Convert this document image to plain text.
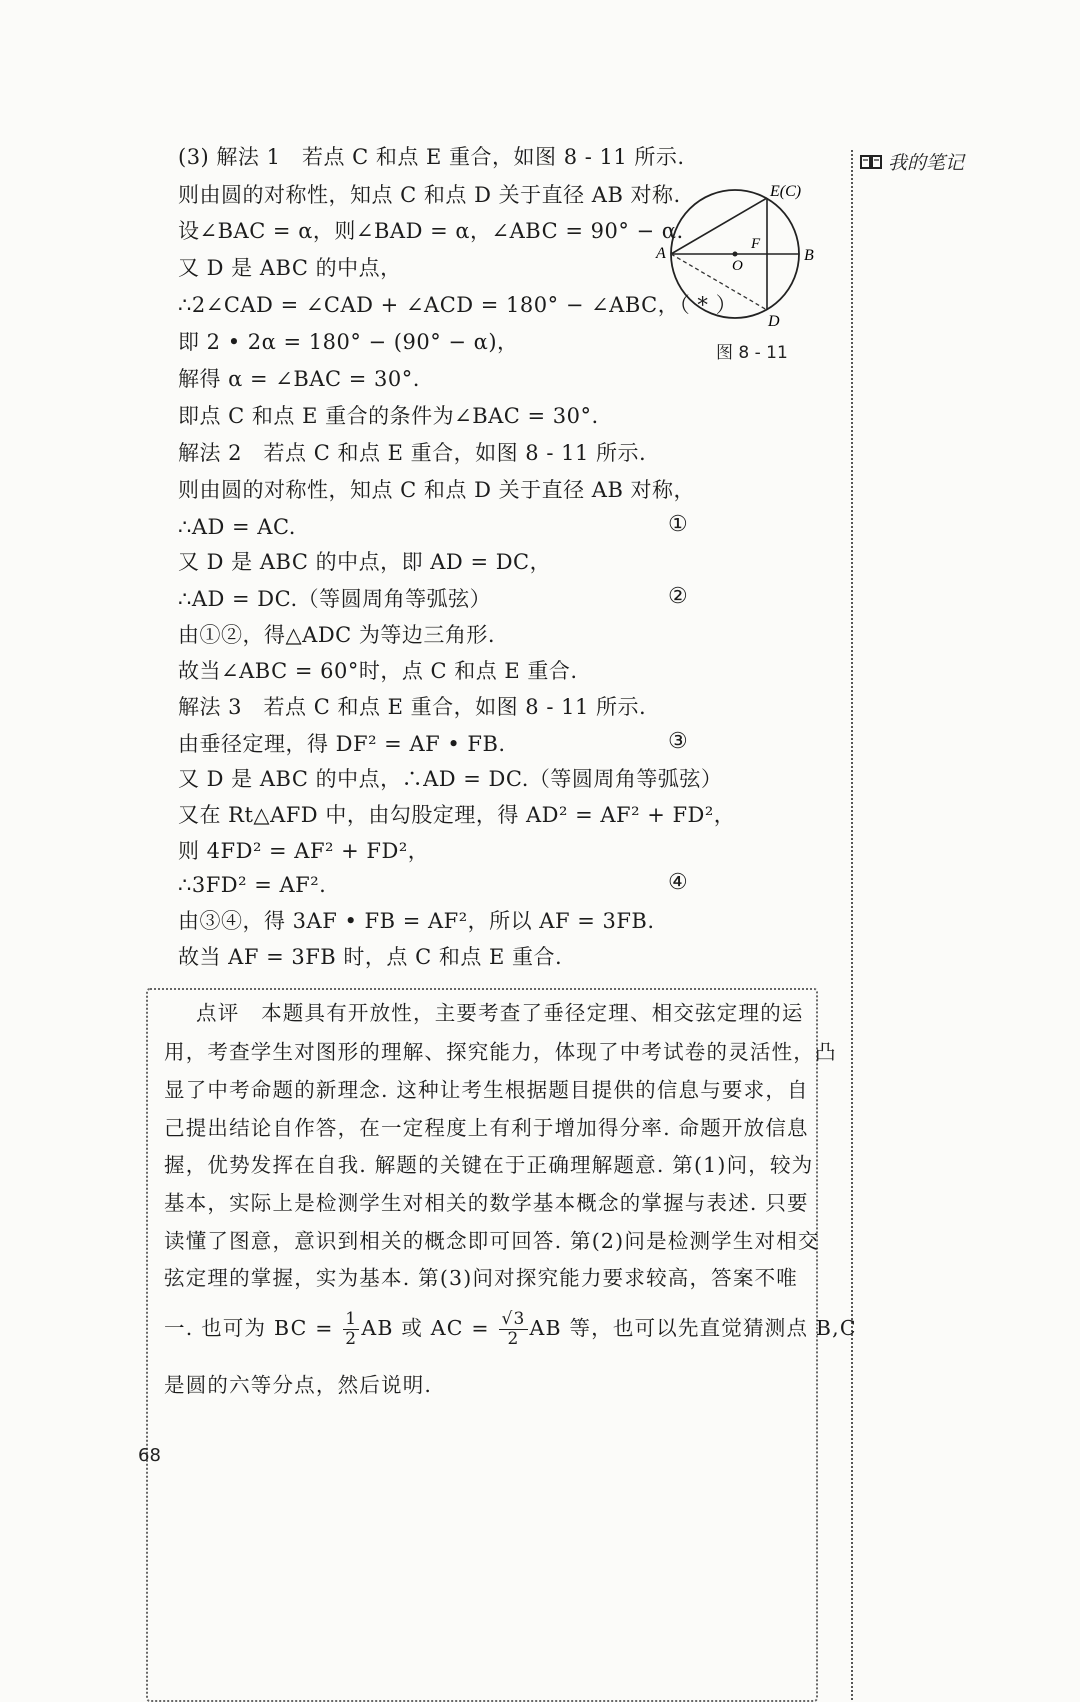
我的笔记
E(C)
A	B
O
F
D
图 8 - 11
(3) 解法 1　若点 C 和点 E 重合，如图 8 - 11 所示.
则由圆的对称性，知点 C 和点 D 关于直径 AB 对称.
设∠BAC = α，则∠BAD = α，∠ABC = 90° − α.
又 D 是 ABC 的中点，
∴2∠CAD = ∠CAD + ∠ACD = 180° − ∠ABC，（ * ）
即 2 • 2α = 180° − (90° − α)，
解得 α = ∠BAC = 30°.
即点 C 和点 E 重合的条件为∠BAC = 30°.
解法 2　若点 C 和点 E 重合，如图 8 - 11 所示.
则由圆的对称性，知点 C 和点 D 关于直径 AB 对称，
∴AD = AC.	①
又 D 是 ABC 的中点，即 AD = DC，
∴AD = DC.（等圆周角等弧弦）	②
由①②，得△ADC 为等边三角形.
故当∠ABC = 60°时，点 C 和点 E 重合.
解法 3　若点 C 和点 E 重合，如图 8 - 11 所示.
由垂径定理，得 DF² = AF • FB.	③
又 D 是 ABC 的中点，∴AD = DC.（等圆周角等弧弦）
又在 Rt△AFD 中，由勾股定理，得 AD² = AF² + FD²，
则 4FD² = AF² + FD²，
∴3FD² = AF².	④
由③④，得 3AF • FB = AF²，所以 AF = 3FB.
故当 AF = 3FB 时，点 C 和点 E 重合.
点评　本题具有开放性，主要考查了垂径定理、相交弦定理的运
用，考查学生对图形的理解、探究能力，体现了中考试卷的灵活性，凸
显了中考命题的新理念. 这种让考生根据题目提供的信息与要求，自
己提出结论自作答，在一定程度上有利于增加得分率. 命题开放信息
握，优势发挥在自我. 解题的关键在于正确理解题意. 第(1)问，较为
基本，实际上是检测学生对相关的数学基本概念的掌握与表述. 只要
读懂了图意，意识到相关的概念即可回答. 第(2)问是检测学生对相交
弦定理的掌握，实为基本. 第(3)问对探究能力要求较高，答案不唯
一. 也可为 BC = $\frac{1}{2}$ AB 或 AC = $\frac{√3}{2}$ AB 等，也可以先直觉猜测点 B,C
是圆的六等分点，然后说明.
68
